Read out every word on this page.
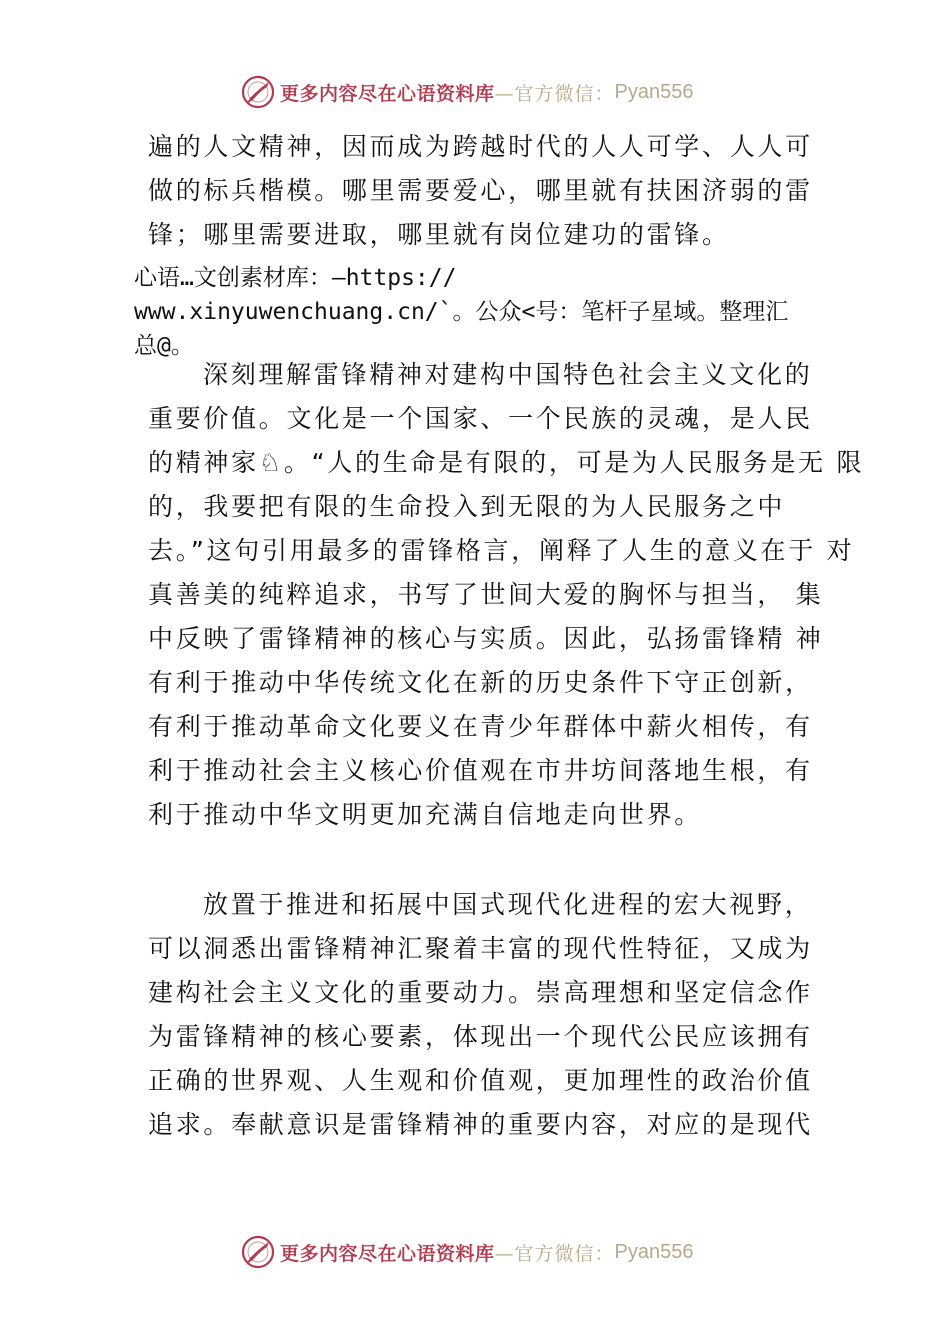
更多内容尽在心语资料库 —官方微信： Pyan556
遍的人文精神，因而成为跨越时代的人人可学、人人可
做的标兵楷模。哪里需要爱心，哪里就有扶困济弱的雷
锋；哪里需要进取，哪里就有岗位建功的雷锋。
心语…文创素材库：—https://
www.xinyuwenchuang.cn/`。公众<号：笔杆子星域。整理汇
总@。
深刻理解雷锋精神对建构中国特色社会主义文化的
重要价值。文化是一个国家、一个民族的灵魂，是人民
的精神家♘。“人的生命是有限的，可是为人民服务是无 限
的，我要把有限的生命投入到无限的为人民服务之中
去。”这句引用最多的雷锋格言，阐释了人生的意义在于 对
真善美的纯粹追求，书写了世间大爱的胸怀与担当， 集
中反映了雷锋精神的核心与实质。因此，弘扬雷锋精 神
有利于推动中华传统文化在新的历史条件下守正创新，
有利于推动革命文化要义在青少年群体中薪火相传，有
利于推动社会主义核心价值观在市井坊间落地生根，有
利于推动中华文明更加充满自信地走向世界。
放置于推进和拓展中国式现代化进程的宏大视野，
可以洞悉出雷锋精神汇聚着丰富的现代性特征，又成为
建构社会主义文化的重要动力。崇高理想和坚定信念作
为雷锋精神的核心要素，体现出一个现代公民应该拥有
正确的世界观、人生观和价值观，更加理性的政治价值
追求。奉献意识是雷锋精神的重要内容，对应的是现代
更多内容尽在心语资料库 —官方微信： Pyan556
